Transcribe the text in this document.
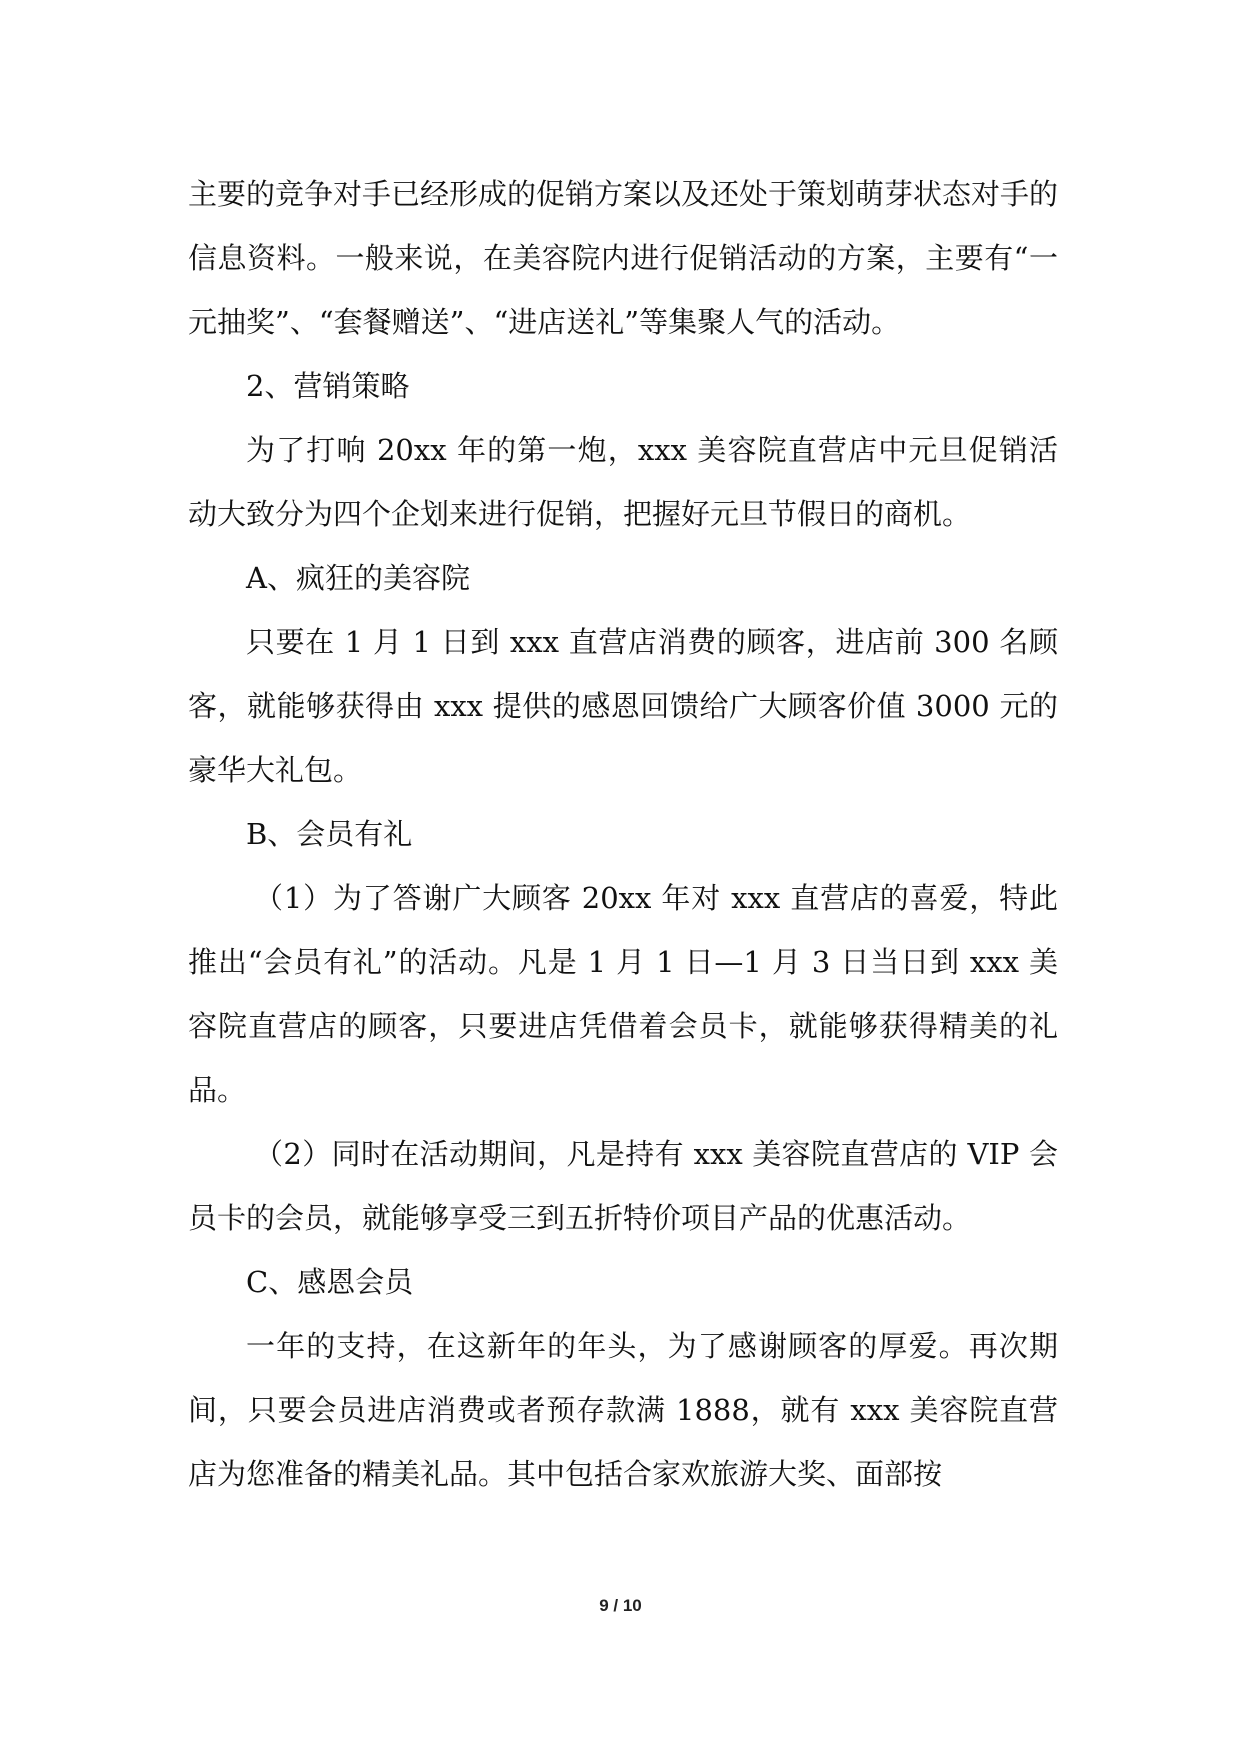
主要的竞争对手已经形成的促销方案以及还处于策划萌芽状态对手的信息资料。一般来说，在美容院内进行促销活动的方案，主要有“一元抽奖”、“套餐赠送”、“进店送礼”等集聚人气的活动。

2、营销策略

为了打响 20xx 年的第一炮，xxx 美容院直营店中元旦促销活动大致分为四个企划来进行促销，把握好元旦节假日的商机。

A、疯狂的美容院

只要在 1 月 1 日到 xxx 直营店消费的顾客，进店前 300 名顾客，就能够获得由 xxx 提供的感恩回馈给广大顾客价值 3000 元的豪华大礼包。

B、会员有礼

（1）为了答谢广大顾客 20xx 年对 xxx 直营店的喜爱，特此推出“会员有礼”的活动。凡是 1 月 1 日—1 月 3 日当日到 xxx 美容院直营店的顾客，只要进店凭借着会员卡，就能够获得精美的礼品。

（2）同时在活动期间，凡是持有 xxx 美容院直营店的 VIP 会员卡的会员，就能够享受三到五折特价项目产品的优惠活动。

C、感恩会员

一年的支持，在这新年的年头，为了感谢顾客的厚爱。再次期间，只要会员进店消费或者预存款满 1888，就有 xxx 美容院直营店为您准备的精美礼品。其中包括合家欢旅游大奖、面部按

9 / 10
